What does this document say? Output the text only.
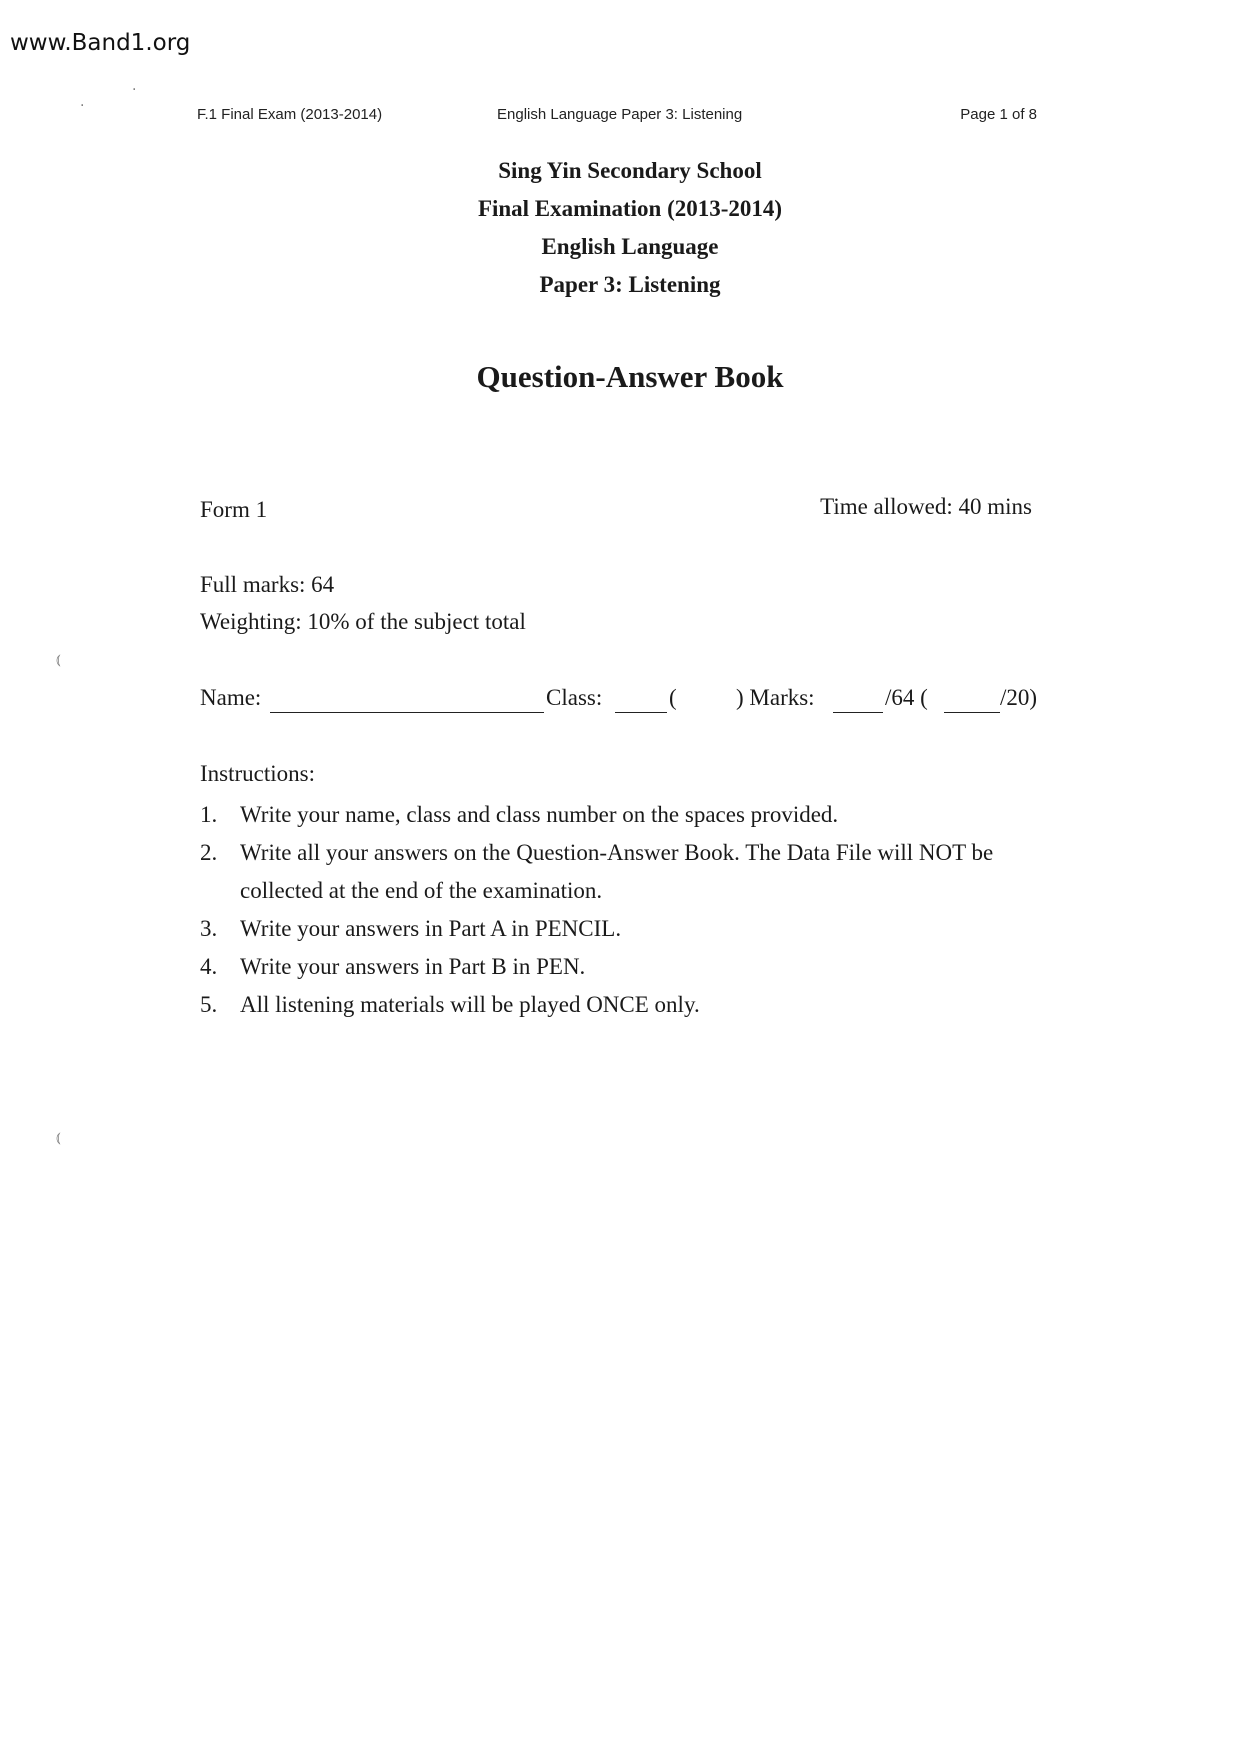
www.Band1.org
F.1 Final Exam (2013-2014)	English Language Paper 3: Listening	Page 1 of 8
Sing Yin Secondary School
Final Examination (2013-2014)
English Language
Paper 3: Listening
Question-Answer Book
Form 1	Time allowed: 40 mins
Full marks: 64
Weighting: 10% of the subject total
Name:	Class:	(	) Marks:	/64 (	/20)
Instructions:
1. Write your name, class and class number on the spaces provided.
2. Write all your answers on the Question-Answer Book. The Data File will NOT be collected at the end of the examination.
3. Write your answers in Part A in PENCIL.
4. Write your answers in Part B in PEN.
5. All listening materials will be played ONCE only.
⦅
⦅
·
·
